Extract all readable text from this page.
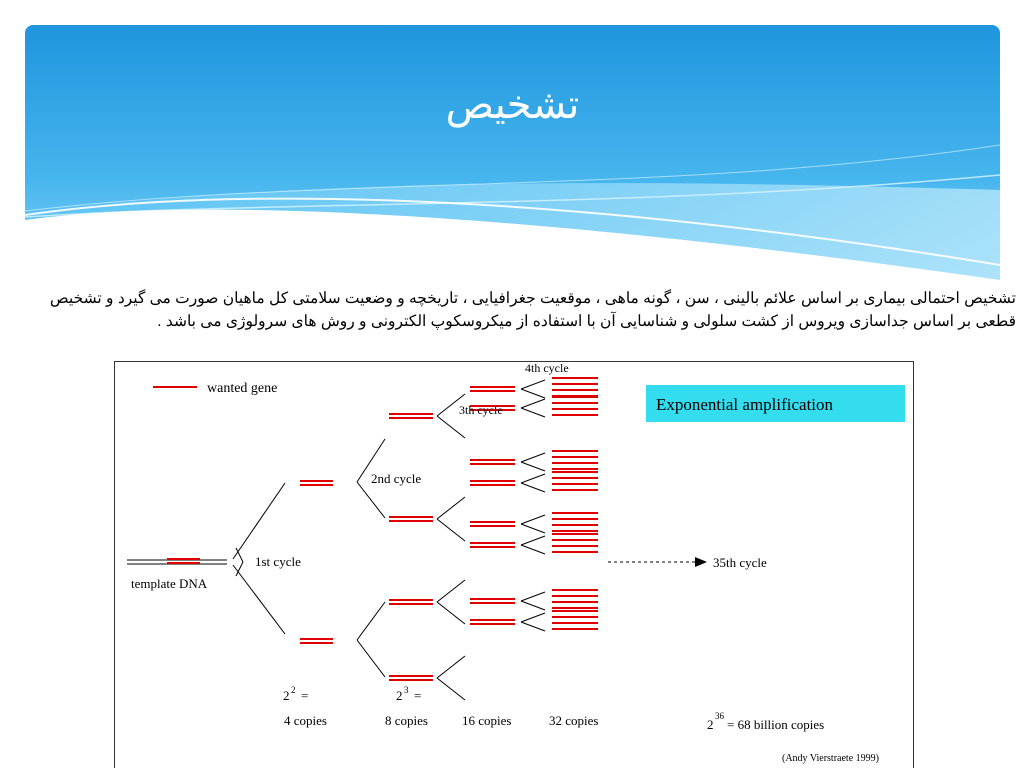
تشخیص

تشخیص احتمالی بیماری بر اساس علائم بالینی ، سن ، گونه ماهی ، موقعیت جغرافیایی ، تاریخچه و وضعیت سلامتی کل ماهیان صورت می گیرد و تشخیص قطعی بر اساس جداسازی ویروس از کشت سلولی و شناسایی آن با استفاده از میکروسکوپ الکترونی و روش های سرولوژی می باشد .

wanted gene
Exponential amplification
template DNA
1st cycle
2nd cycle
3th cycle
4th cycle
35th cycle
2 2 =
4 copies
2 3 =
8 copies	16 copies	32 copies	2
36
= 68 billion copies
(Andy Vierstraete 1999)
